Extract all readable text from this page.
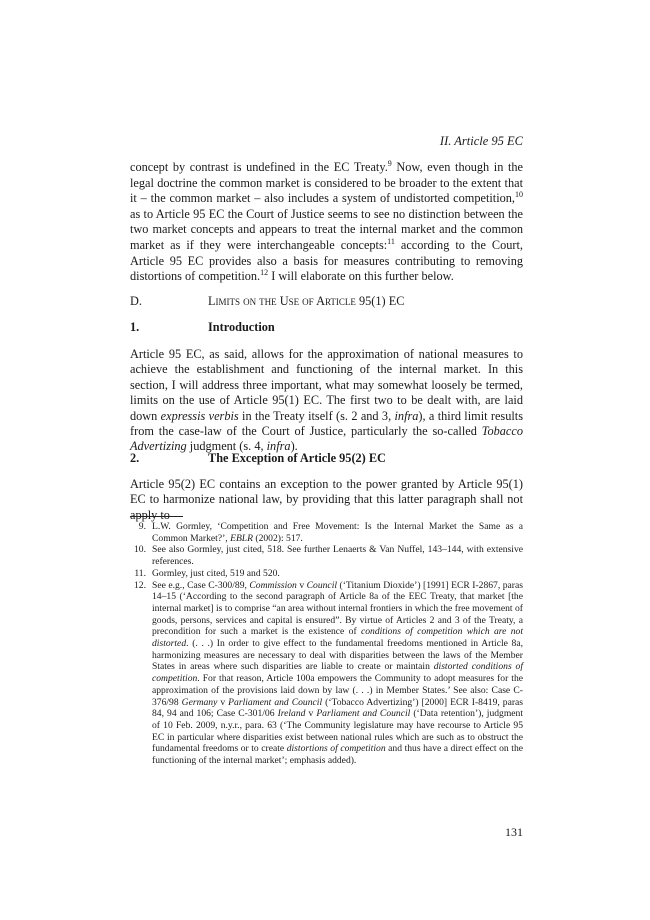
II. Article 95 EC

concept by contrast is undefined in the EC Treaty.$^9$ Now, even though in the legal doctrine the common market is considered to be broader to the extent that it – the common market – also includes a system of undistorted competition,$^{10}$ as to Article 95 EC the Court of Justice seems to see no distinction between the two market concepts and appears to treat the internal market and the common market as if they were interchangeable concepts:$^{11}$ according to the Court, Article 95 EC provides also a basis for measures contributing to removing distortions of competition.$^{12}$ I will elaborate on this further below.

D.	Limits on the Use of Article 95(1) EC
1.	Introduction

Article 95 EC, as said, allows for the approximation of national measures to achieve the establishment and functioning of the internal market. In this section, I will address three important, what may somewhat loosely be termed, limits on the use of Article 95(1) EC. The first two to be dealt with, are laid down expressis verbis in the Treaty itself (s. 2 and 3, infra), a third limit results from the case-law of the Court of Justice, particularly the so-called Tobacco Advertizing judgment (s. 4, infra).

2.	The Exception of Article 95(2) EC

Article 95(2) EC contains an exception to the power granted by Article 95(1) EC to harmonize national law, by providing that this latter paragraph shall not apply to

9. L.W. Gormley, ‘Competition and Free Movement: Is the Internal Market the Same as a Common Market?’, EBLR (2002): 517.
10. See also Gormley, just cited, 518. See further Lenaerts & Van Nuffel, 143–144, with extensive references.
11. Gormley, just cited, 519 and 520.
12. See e.g., Case C-300/89, Commission v Council (‘Titanium Dioxide’) [1991] ECR I-2867, paras 14–15 (‘According to the second paragraph of Article 8a of the EEC Treaty, that market [the internal market] is to comprise “an area without internal frontiers in which the free movement of goods, persons, services and capital is ensured”. By virtue of Articles 2 and 3 of the Treaty, a precondition for such a market is the existence of conditions of competition which are not distorted. (. . .) In order to give effect to the fundamental freedoms mentioned in Article 8a, harmonizing measures are necessary to deal with disparities between the laws of the Member States in areas where such disparities are liable to create or maintain distorted conditions of competition. For that reason, Article 100a empowers the Community to adopt measures for the approximation of the provisions laid down by law (. . .) in Member States.’ See also: Case C-376/98 Germany v Parliament and Council (‘Tobacco Advertizing’) [2000] ECR I-8419, paras 84, 94 and 106; Case C-301/06 Ireland v Parliament and Council (‘Data retention’), judgment of 10 Feb. 2009, n.y.r., para. 63 (‘The Community legislature may have recourse to Article 95 EC in particular where disparities exist between national rules which are such as to obstruct the fundamental freedoms or to create distortions of competition and thus have a direct effect on the functioning of the internal market’; emphasis added).
131
